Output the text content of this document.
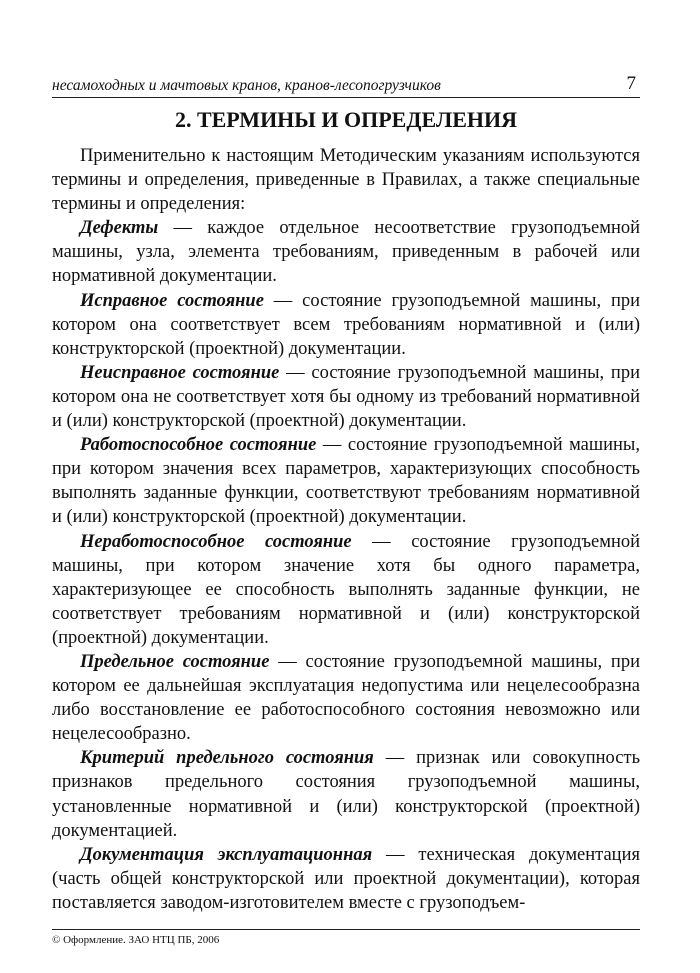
несамоходных и мачтовых кранов, кранов-лесопогрузчиков	7
2. ТЕРМИНЫ И ОПРЕДЕЛЕНИЯ

Применительно к настоящим Методическим указаниям используются термины и определения, приведенные в Правилах, а также специальные термины и определения:

Дефекты — каждое отдельное несоответствие грузоподъемной машины, узла, элемента требованиям, приведенным в рабочей или нормативной документации.

Исправное состояние — состояние грузоподъемной машины, при котором она соответствует всем требованиям нормативной и (или) конструкторской (проектной) документации.

Неисправное состояние — состояние грузоподъемной машины, при котором она не соответствует хотя бы одному из требований нормативной и (или) конструкторской (проектной) документации.

Работоспособное состояние — состояние грузоподъемной машины, при котором значения всех параметров, характеризующих способность выполнять заданные функции, соответствуют требованиям нормативной и (или) конструкторской (проектной) документации.

Неработоспособное состояние — состояние грузоподъемной машины, при котором значение хотя бы одного параметра, характеризующее ее способность выполнять заданные функции, не соответствует требованиям нормативной и (или) конструкторской (проектной) документации.

Предельное состояние — состояние грузоподъемной машины, при котором ее дальнейшая эксплуатация недопустима или нецелесообразна либо восстановление ее работоспособного состояния невозможно или нецелесообразно.

Критерий предельного состояния — признак или совокупность признаков предельного состояния грузоподъемной машины, установленные нормативной и (или) конструкторской (проектной) документацией.

Документация эксплуатационная — техническая документация (часть общей конструкторской или проектной документации), которая поставляется заводом-изготовителем вместе с грузоподъем-

© Оформление. ЗАО НТЦ ПБ, 2006
